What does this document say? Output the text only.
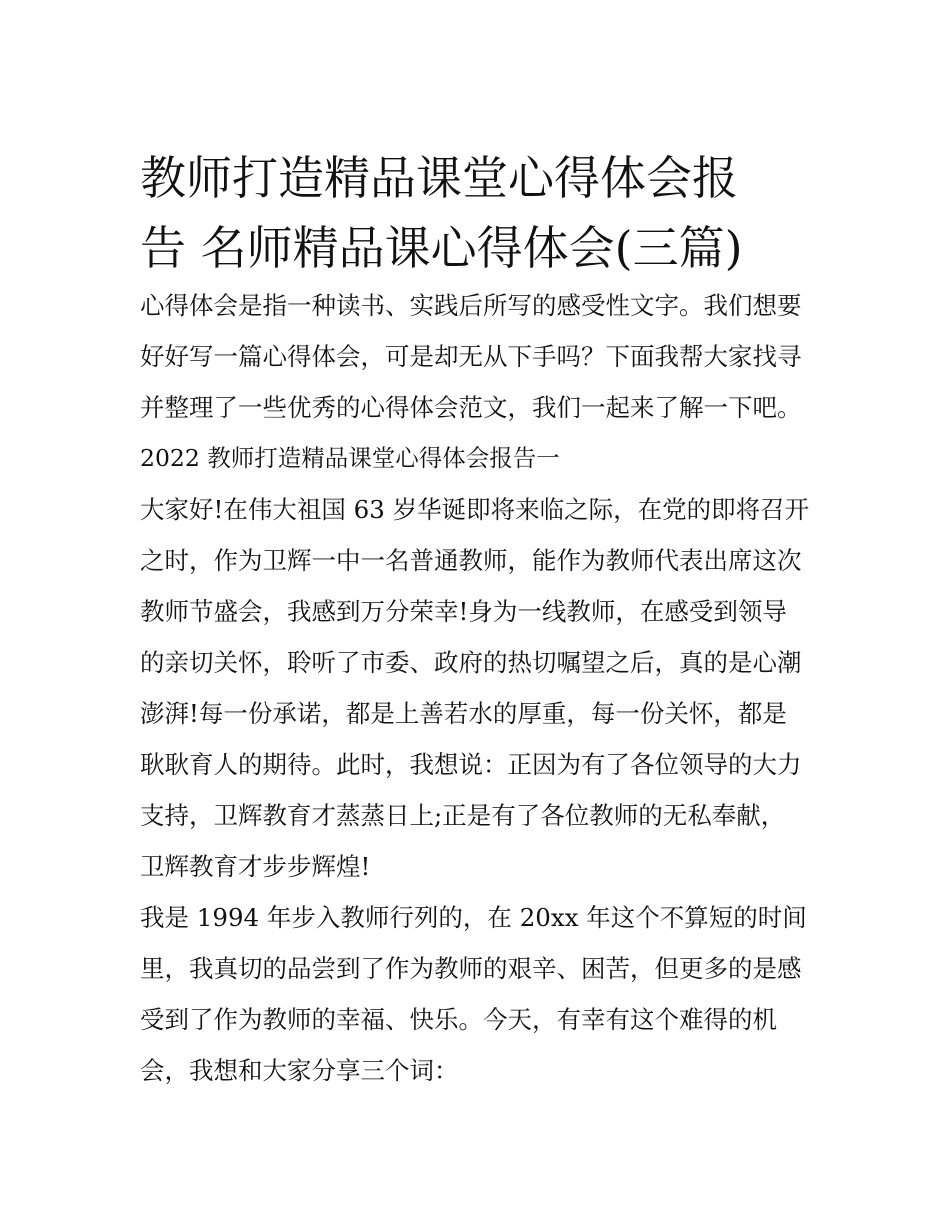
教师打造精品课堂心得体会报
告 名师精品课心得体会(三篇)
心得体会是指一种读书、实践后所写的感受性文字。我们想要
好好写一篇心得体会，可是却无从下手吗？下面我帮大家找寻
并整理了一些优秀的心得体会范文，我们一起来了解一下吧。
2022 教师打造精品课堂心得体会报告一
大家好!在伟大祖国 63 岁华诞即将来临之际，在党的即将召开
之时，作为卫辉一中一名普通教师，能作为教师代表出席这次
教师节盛会，我感到万分荣幸!身为一线教师，在感受到领导
的亲切关怀，聆听了市委、政府的热切嘱望之后，真的是心潮
澎湃!每一份承诺，都是上善若水的厚重，每一份关怀，都是
耿耿育人的期待。此时，我想说：正因为有了各位领导的大力
支持，卫辉教育才蒸蒸日上;正是有了各位教师的无私奉献，
卫辉教育才步步辉煌!
我是 1994 年步入教师行列的，在 20xx 年这个不算短的时间
里，我真切的品尝到了作为教师的艰辛、困苦，但更多的是感
受到了作为教师的幸福、快乐。今天，有幸有这个难得的机
会，我想和大家分享三个词：
